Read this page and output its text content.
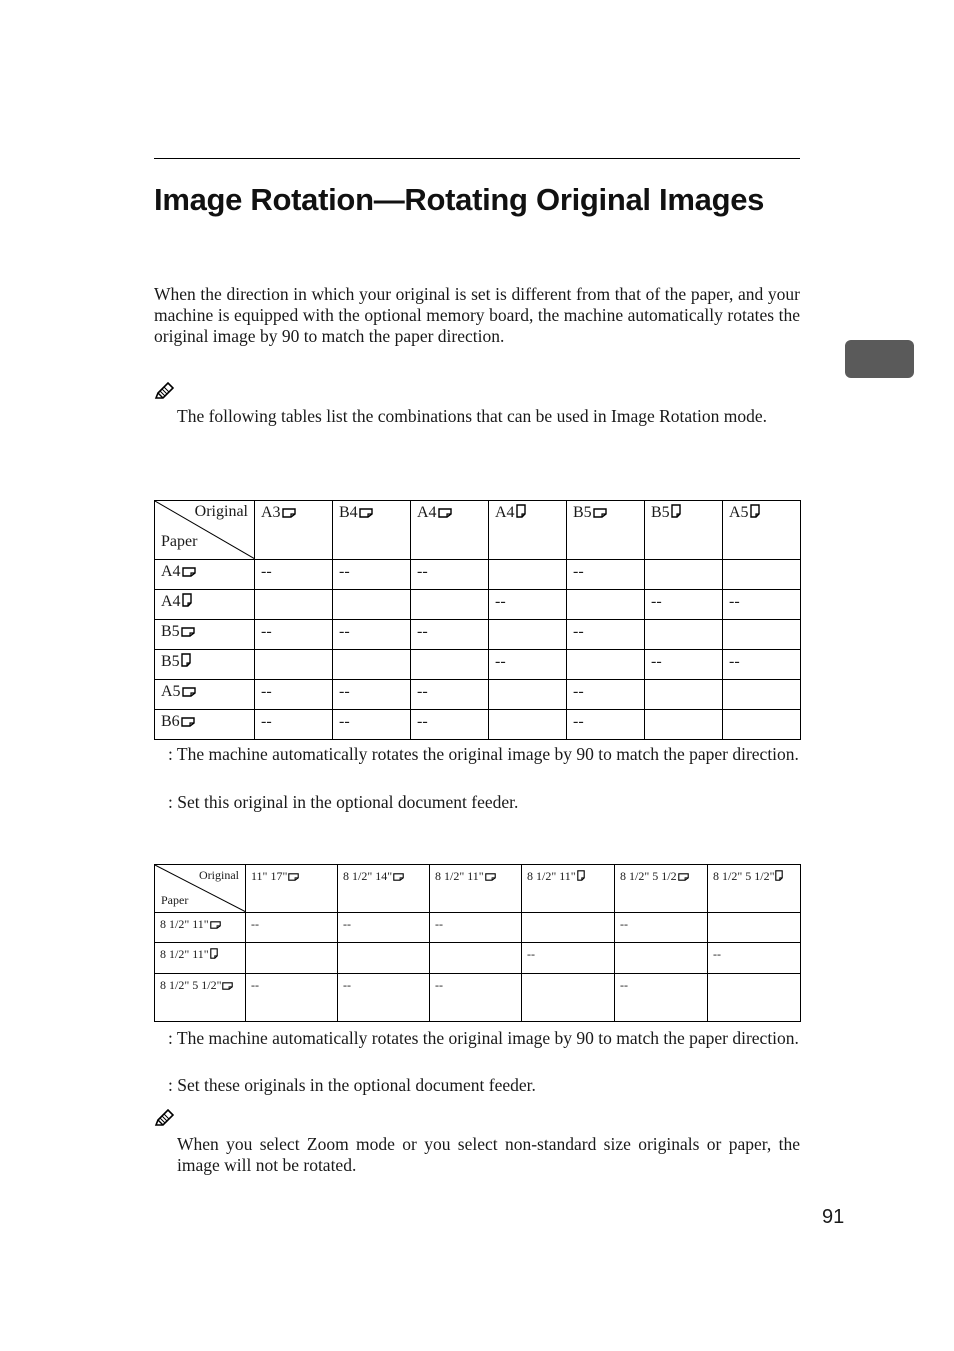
Image Rotation—Rotating Original Images

When the direction in which your original is set is different from that of the paper, and your machine is equipped with the optional memory board, the machine automatically rotates the original image by 90 to match the paper direction.

The following tables list the combinations that can be used in Image Rotation mode.

Original
Paper	A3	B4	A4	A4	B5	B5	A5

A4	--	--	--		--		
A4				--		--	--
B5	--	--	--		--		
B5				--		--	--
A5	--	--	--		--		
B6	--	--	--		--		

: The machine automatically rotates the original image by 90 to match the paper direction.

: Set this original in the optional document feeder.

Original
Paper	11" 17"	8 1/2" 14"	8 1/2" 11"	8 1/2" 11"	8 1/2" 5 1/2	8 1/2" 5 1/2"

8 1/2" 11"	--	--	--		--	
8 1/2" 11"				--		--
8 1/2" 5 1/2"	--	--	--		--	

: The machine automatically rotates the original image by 90 to match the paper direction.

: Set these originals in the optional document feeder.

When you select Zoom mode or you select non-standard size originals or paper, the image will not be rotated.

91
